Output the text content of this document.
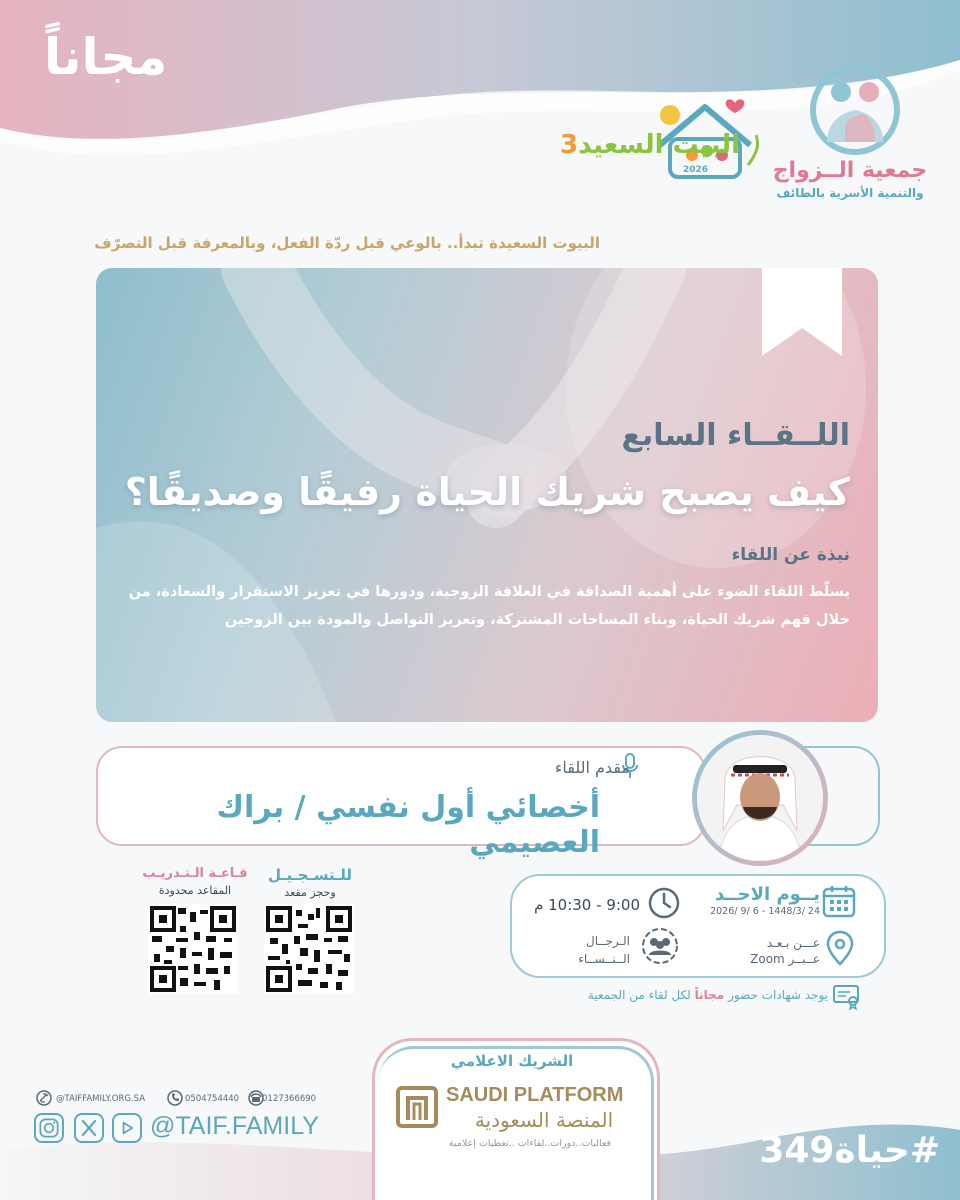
مجاناً
جمعية الــزواج
والتنمية الأسرية بالطائف
البيت السعيد3
2026
البيوت السعيدة تبدأ.. بالوعي قبل ردّة الفعل، وبالمعرفة قبل التصرّف
اللــقــاء السابع
كيف يصبح شريك الحياة رفيقًا وصديقًا؟
نبذة عن اللقاء
يسلّط اللقاء الضوء على أهمية الصداقة في العلاقة الزوجية، ودورها في تعزيز الاستقرار والسعادة، من خلال فهم شريك الحياة، وبناء المساحات المشتركة، وتعزيز التواصل والمودة بين الزوجين
مقدم اللقاء
أخصائي أول نفسي / براك العصيمي
للـتسـجـيـل
وحجز مقعد
قـاعـة الـتـدريـب
المقاعد محدودة	يــوم الاحــد
2026/ 9/ 6 - 1448/3/ 24
9:00 - 10:30 م
عـــن بـعـد
عــبــر Zoom
الـرجــال
الــنــســاء
يوجد شهادات حضور مجاناً لكل لقاء من الجمعية
الشريك الاعلامي
SAUDI PLATFORM
المنصة السعودية
فعاليات..دورات..لقاءات ..تغطيات إعلامية
@TAIFFAMILY.ORG.SA	0504754440	0127366690
@TAIF.FAMILY
#حياة349
